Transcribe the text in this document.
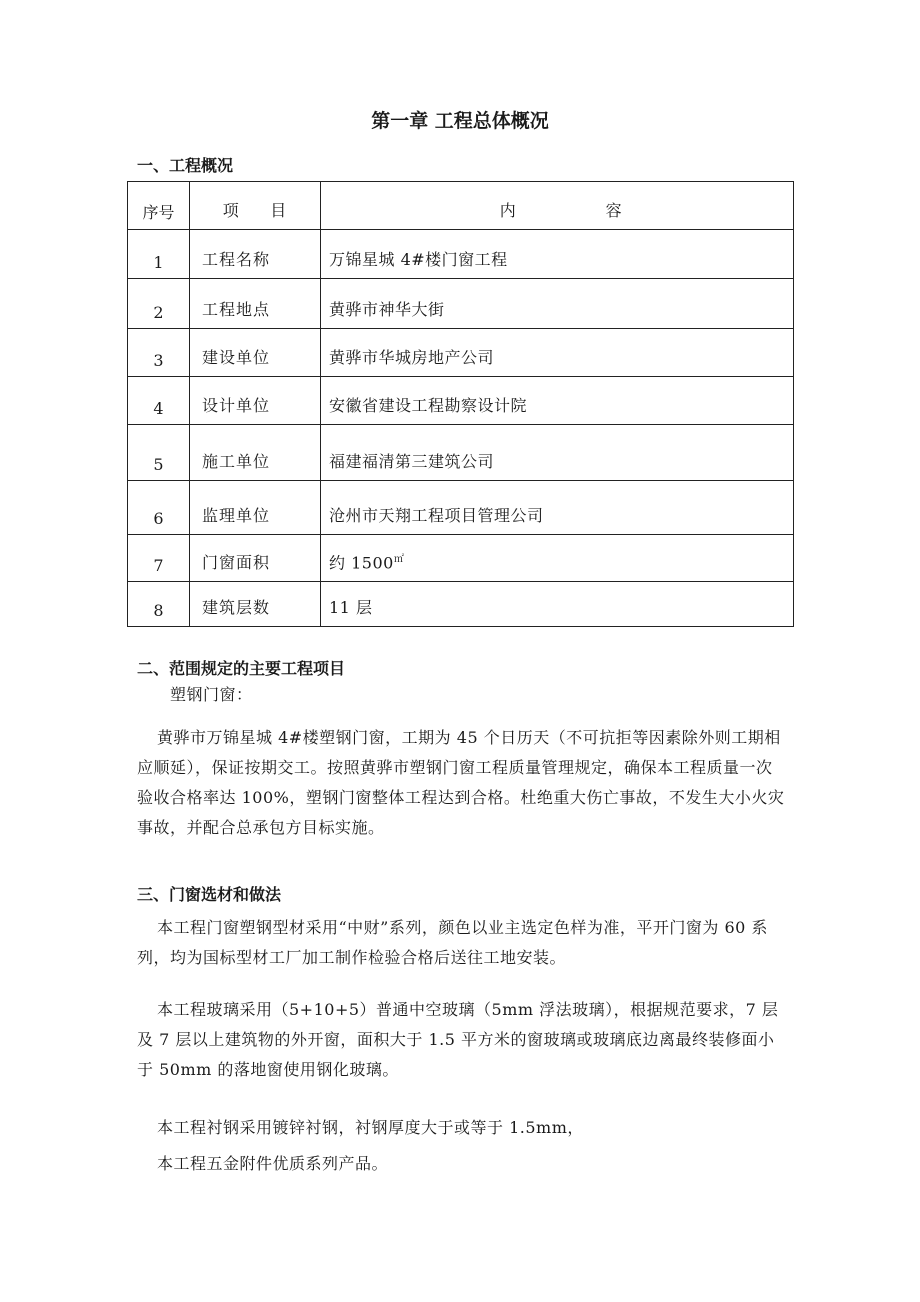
第一章 工程总体概况
一、工程概况
序号	项     目	内                容
1	工程名称	万锦星城 4#楼门窗工程
2	工程地点	黄骅市神华大街
3	建设单位	黄骅市华城房地产公司
4	设计单位	安徽省建设工程勘察设计院
5	施工单位	福建福清第三建筑公司
6	监理单位	沧州市天翔工程项目管理公司
7	门窗面积	约 1500㎡
8	建筑层数	11 层
二、范围规定的主要工程项目
塑钢门窗：
黄骅市万锦星城 4#楼塑钢门窗，工期为 45 个日历天（不可抗拒等因素除外则工期相应顺延），保证按期交工。按照黄骅市塑钢门窗工程质量管理规定，确保本工程质量一次验收合格率达 100%，塑钢门窗整体工程达到合格。杜绝重大伤亡事故，不发生大小火灾事故，并配合总承包方目标实施。
三、门窗选材和做法
本工程门窗塑钢型材采用“中财”系列，颜色以业主选定色样为准，平开门窗为 60 系列，均为国标型材工厂加工制作检验合格后送往工地安装。
本工程玻璃采用（5+10+5）普通中空玻璃（5mm 浮法玻璃），根据规范要求，7 层及 7 层以上建筑物的外开窗，面积大于 1.5 平方米的窗玻璃或玻璃底边离最终装修面小于 50mm 的落地窗使用钢化玻璃。
本工程衬钢采用镀锌衬钢，衬钢厚度大于或等于 1.5mm，
本工程五金附件优质系列产品。
